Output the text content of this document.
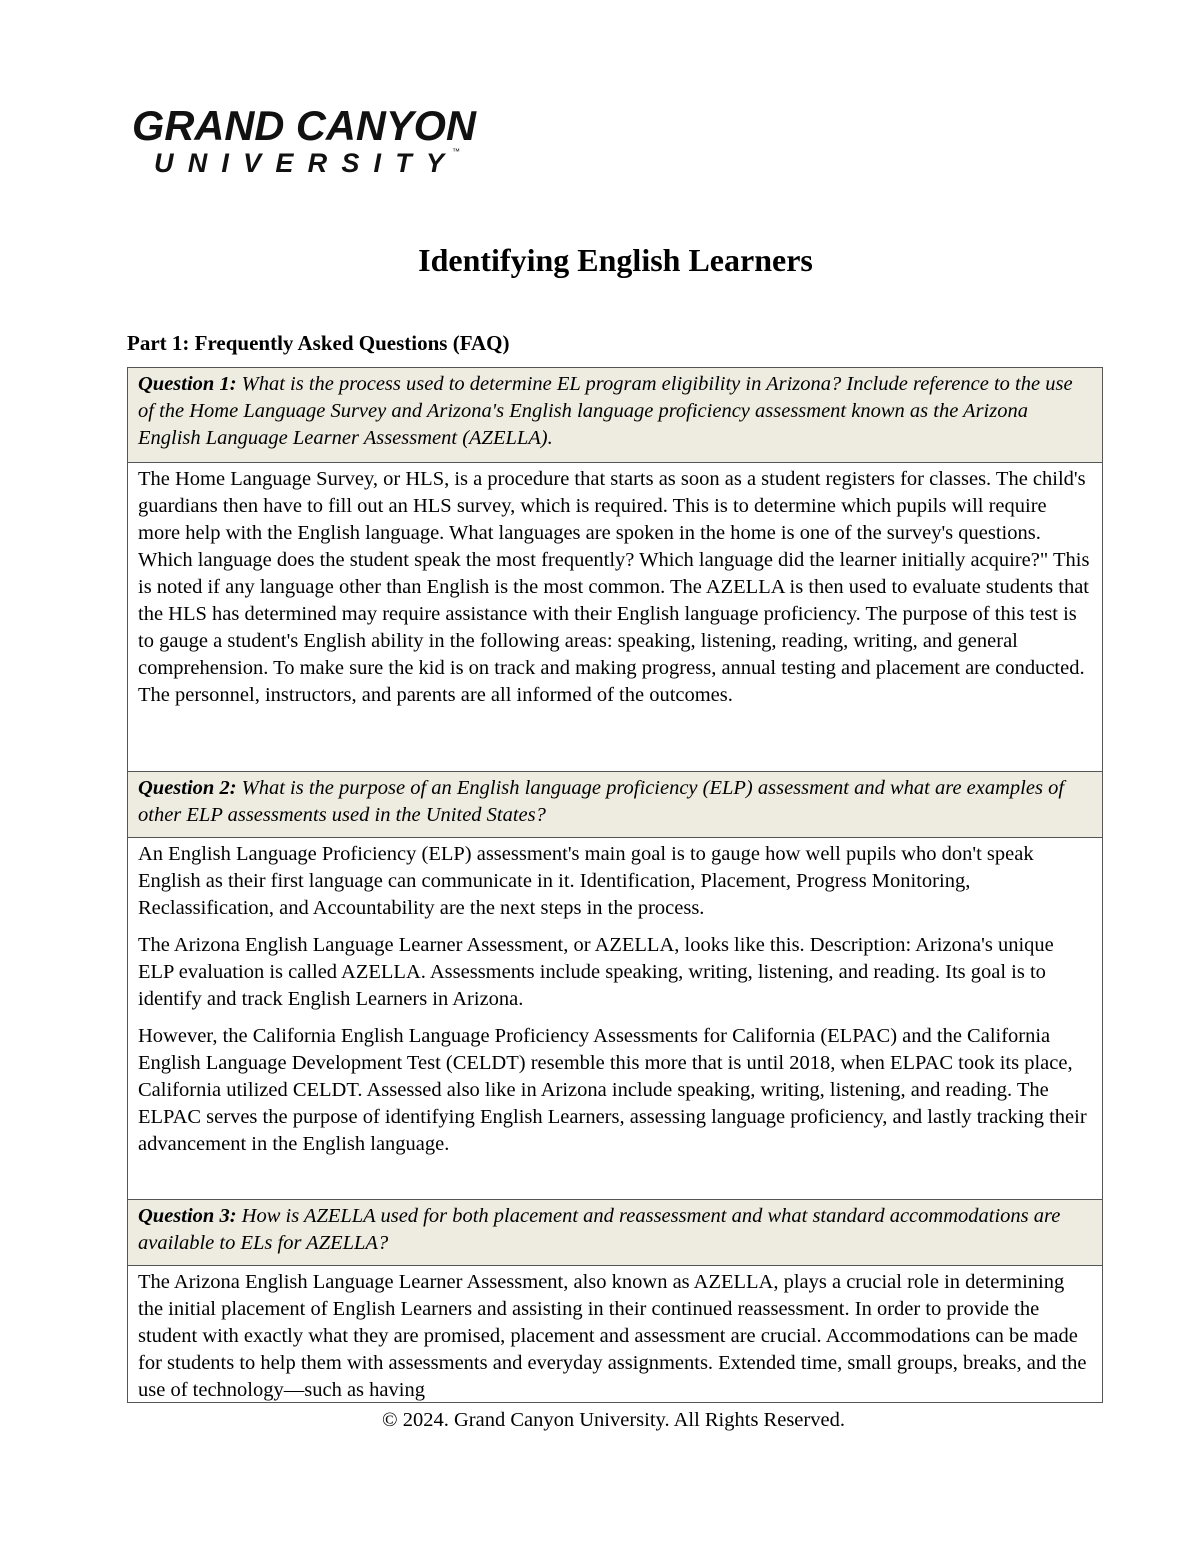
GRAND CANYON
UNIVERSITY	™
Identifying English Learners
Part 1: Frequently Asked Questions (FAQ)
Question 1: What is the process used to determine EL program eligibility in Arizona? Include reference to the use of the Home Language Survey and Arizona's English language proficiency assessment known as the Arizona English Language Learner Assessment (AZELLA).

The Home Language Survey, or HLS, is a procedure that starts as soon as a student registers for classes. The child's guardians then have to fill out an HLS survey, which is required. This is to determine which pupils will require more help with the English language. What languages are spoken in the home is one of the survey's questions. Which language does the student speak the most frequently? Which language did the learner initially acquire?" This is noted if any language other than English is the most common. The AZELLA is then used to evaluate students that the HLS has determined may require assistance with their English language proficiency. The purpose of this test is to gauge a student's English ability in the following areas: speaking, listening, reading, writing, and general comprehension. To make sure the kid is on track and making progress, annual testing and placement are conducted. The personnel, instructors, and parents are all informed of the outcomes.

Question 2: What is the purpose of an English language proficiency (ELP) assessment and what are examples of other ELP assessments used in the United States?

An English Language Proficiency (ELP) assessment's main goal is to gauge how well pupils who don't speak English as their first language can communicate in it. Identification, Placement, Progress Monitoring, Reclassification, and Accountability are the next steps in the process.

The Arizona English Language Learner Assessment, or AZELLA, looks like this. Description: Arizona's unique ELP evaluation is called AZELLA. Assessments include speaking, writing, listening, and reading. Its goal is to identify and track English Learners in Arizona.

However, the California English Language Proficiency Assessments for California (ELPAC) and the California English Language Development Test (CELDT) resemble this more that is until 2018, when ELPAC took its place, California utilized CELDT. Assessed also like in Arizona include speaking, writing, listening, and reading. The ELPAC serves the purpose of identifying English Learners, assessing language proficiency, and lastly tracking their advancement in the English language.

Question 3: How is AZELLA used for both placement and reassessment and what standard accommodations are available to ELs for AZELLA?

The Arizona English Language Learner Assessment, also known as AZELLA, plays a crucial role in determining the initial placement of English Learners and assisting in their continued reassessment. In order to provide the student with exactly what they are promised, placement and assessment are crucial. Accommodations can be made for students to help them with assessments and everyday assignments. Extended time, small groups, breaks, and the use of technology—such as having

© 2024. Grand Canyon University. All Rights Reserved.
